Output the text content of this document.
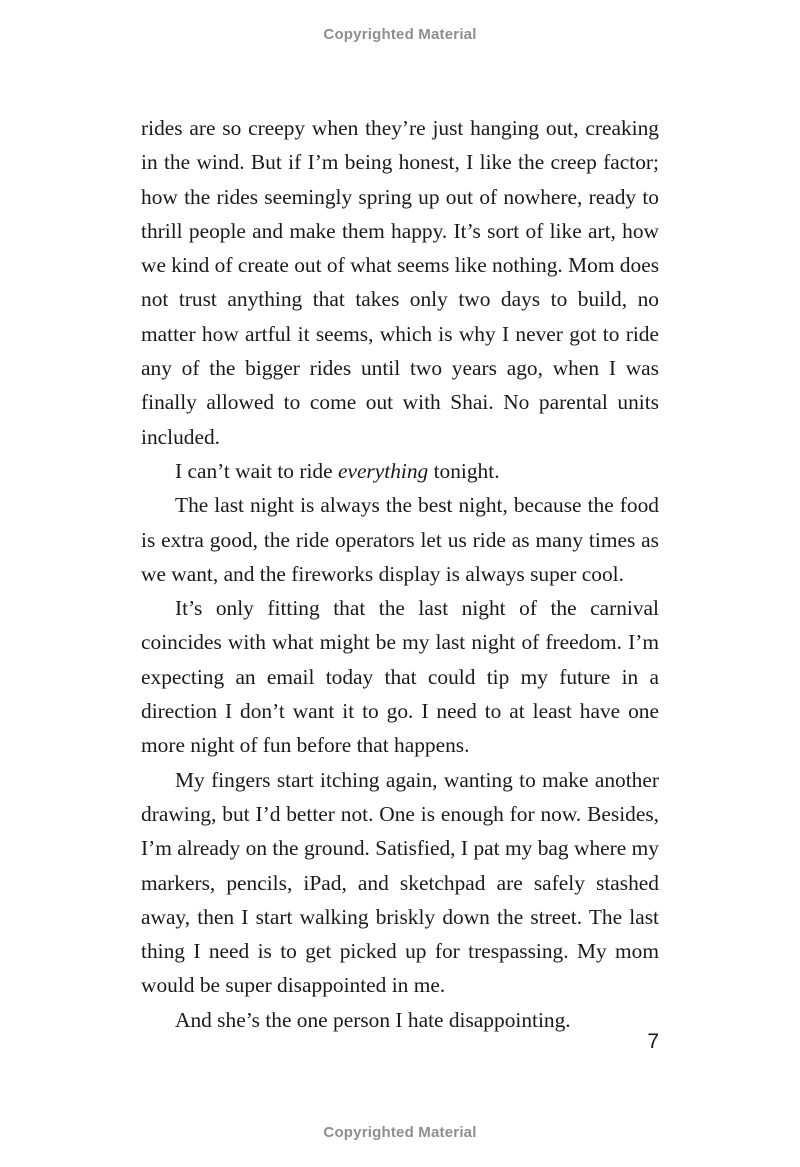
Copyrighted Material

rides are so creepy when they’re just hanging out, creaking in the wind. But if I’m being honest, I like the creep factor; how the rides seemingly spring up out of nowhere, ready to thrill people and make them happy. It’s sort of like art, how we kind of create out of what seems like nothing. Mom does not trust anything that takes only two days to build, no matter how artful it seems, which is why I never got to ride any of the bigger rides until two years ago, when I was finally allowed to come out with Shai. No parental units included.

I can’t wait to ride everything tonight.

The last night is always the best night, because the food is extra good, the ride operators let us ride as many times as we want, and the fireworks display is always super cool.

It’s only fitting that the last night of the carnival coincides with what might be my last night of freedom. I’m expecting an email today that could tip my future in a direction I don’t want it to go. I need to at least have one more night of fun before that happens.

My fingers start itching again, wanting to make another drawing, but I’d better not. One is enough for now. Besides, I’m already on the ground. Satisfied, I pat my bag where my markers, pencils, iPad, and sketchpad are safely stashed away, then I start walking briskly down the street. The last thing I need is to get picked up for trespassing. My mom would be super disappointed in me.

And she’s the one person I hate disappointing.

7
Copyrighted Material
